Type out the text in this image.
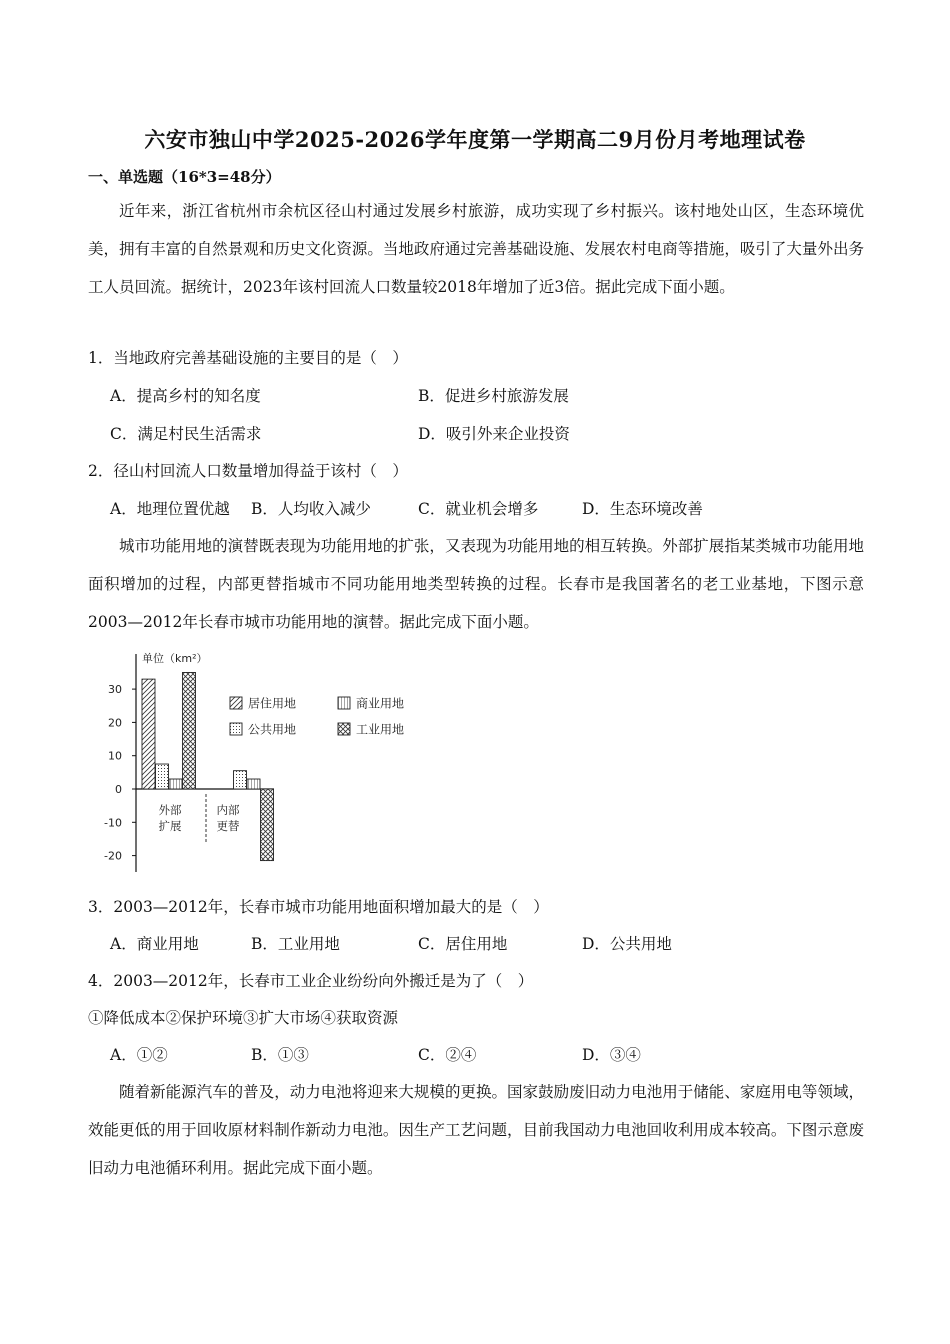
六安市独山中学2025-2026学年度第一学期高二9月份月考地理试卷
一、单选题（16*3=48分）

近年来，浙江省杭州市余杭区径山村通过发展乡村旅游，成功实现了乡村振兴。该村地处山区，生态环境优美，拥有丰富的自然景观和历史文化资源。当地政府通过完善基础设施、发展农村电商等措施，吸引了大量外出务工人员回流。据统计，2023年该村回流人口数量较2018年增加了近3倍。据此完成下面小题。

1．当地政府完善基础设施的主要目的是（　）
A．提高乡村的知名度	B．促进乡村旅游发展
C．满足村民生活需求	D．吸引外来企业投资
2．径山村回流人口数量增加得益于该村（　）
A．地理位置优越 B．人均收入减少	C．就业机会增多	D．生态环境改善

城市功能用地的演替既表现为功能用地的扩张，又表现为功能用地的相互转换。外部扩展指某类城市功能用地面积增加的过程，内部更替指城市不同功能用地类型转换的过程。长春市是我国著名的老工业基地，下图示意2003—2012年长春市城市功能用地的演替。据此完成下面小题。

单位（km²）
30
20
10
0
-10
-20
外部
扩展
内部
更替
居住用地
公共用地
商业用地
工业用地
3．2003—2012年，长春市城市功能用地面积增加最大的是（　）
A．商业用地	B．工业用地	C．居住用地	D．公共用地
4．2003—2012年，长春市工业企业纷纷向外搬迁是为了（　）
①降低成本②保护环境③扩大市场④获取资源
A．①②	B．①③	C．②④	D．③④

随着新能源汽车的普及，动力电池将迎来大规模的更换。国家鼓励废旧动力电池用于储能、家庭用电等领域，效能更低的用于回收原材料制作新动力电池。因生产工艺问题，目前我国动力电池回收利用成本较高。下图示意废旧动力电池循环利用。据此完成下面小题。
